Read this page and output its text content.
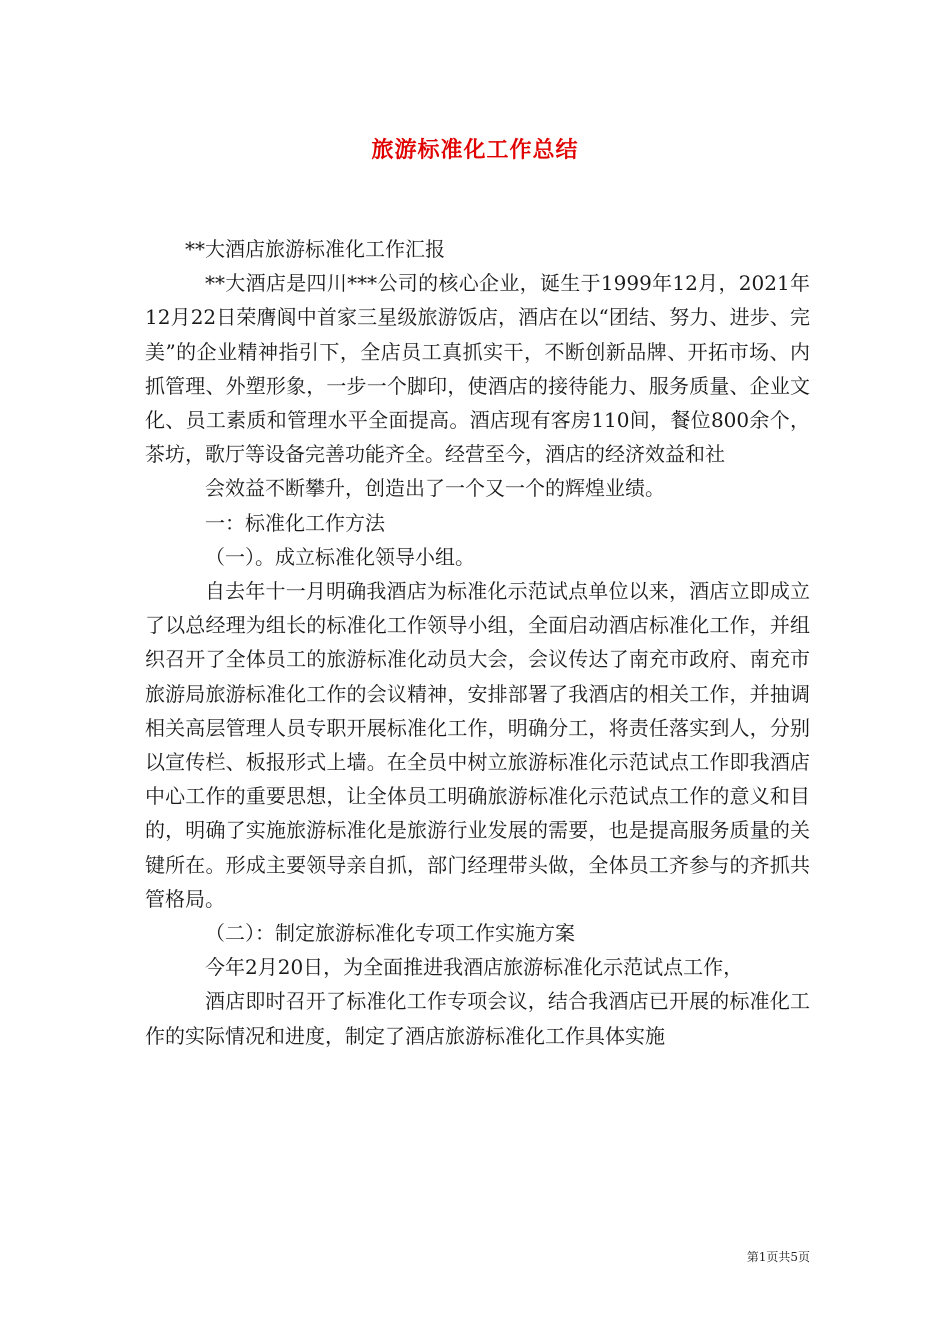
旅游标准化工作总结

**大酒店旅游标准化工作汇报

**大酒店是四川***公司的核心企业，诞生于1999年12月，2021年12月22日荣膺阆中首家三星级旅游饭店，酒店在以“团结、努力、进步、完美”的企业精神指引下，全店员工真抓实干，不断创新品牌、开拓市场、内抓管理、外塑形象，一步一个脚印，使酒店的接待能力、服务质量、企业文化、员工素质和管理水平全面提高。酒店现有客房110间，餐位800余个，茶坊，歌厅等设备完善功能齐全。经营至今，酒店的经济效益和社

会效益不断攀升，创造出了一个又一个的辉煌业绩。

一：标准化工作方法

（一）。成立标准化领导小组。

自去年十一月明确我酒店为标准化示范试点单位以来，酒店立即成立了以总经理为组长的标准化工作领导小组，全面启动酒店标准化工作，并组织召开了全体员工的旅游标准化动员大会，会议传达了南充市政府、南充市旅游局旅游标准化工作的会议精神，安排部署了我酒店的相关工作，并抽调相关高层管理人员专职开展标准化工作，明确分工，将责任落实到人，分别以宣传栏、板报形式上墙。在全员中树立旅游标准化示范试点工作即我酒店中心工作的重要思想，让全体员工明确旅游标准化示范试点工作的意义和目的，明确了实施旅游标准化是旅游行业发展的需要，也是提高服务质量的关键所在。形成主要领导亲自抓，部门经理带头做，全体员工齐参与的齐抓共管格局。

（二）：制定旅游标准化专项工作实施方案

今年2月20日，为全面推进我酒店旅游标准化示范试点工作，

酒店即时召开了标准化工作专项会议，结合我酒店已开展的标准化工作的实际情况和进度，制定了酒店旅游标准化工作具体实施

第1页共5页
